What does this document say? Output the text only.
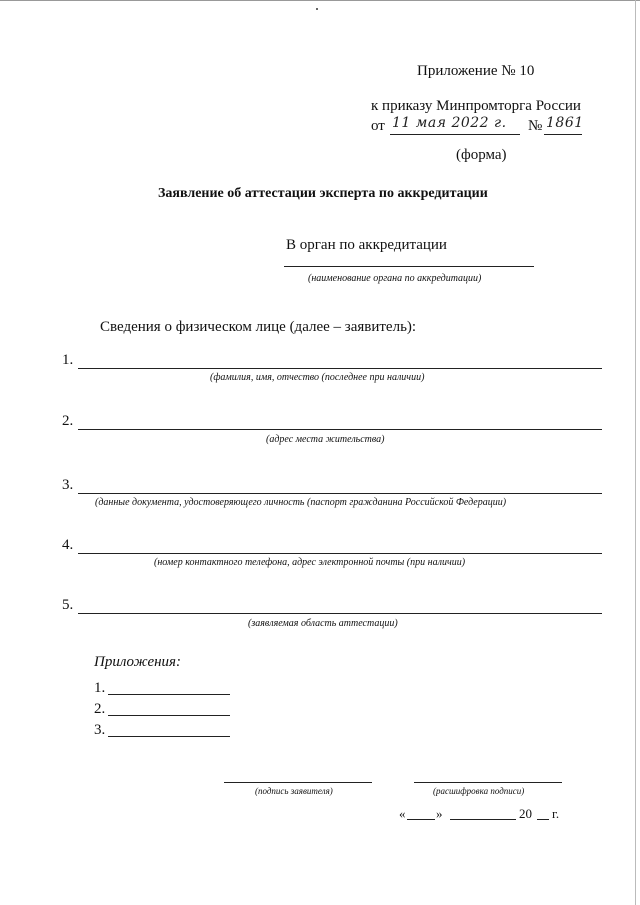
Приложение № 10
к приказу Минпромторга России
от 11 мая 2022 г. № 1861
(форма)
Заявление об аттестации эксперта по аккредитации
В орган по аккредитации
(наименование органа по аккредитации)
Сведения о физическом лице (далее – заявитель):
1.
(фамилия, имя, отчество (последнее при наличии)
2.
(адрес места жительства)
3.
(данные документа, удостоверяющего личность (паспорт гражданина Российской Федерации)
4.
(номер контактного телефона, адрес электронной почты (при наличии)
5.
(заявляемая область аттестации)
Приложения:
1.
2.
3.
(подпись заявителя)	(расшифровка подписи)
« »	20 г.
